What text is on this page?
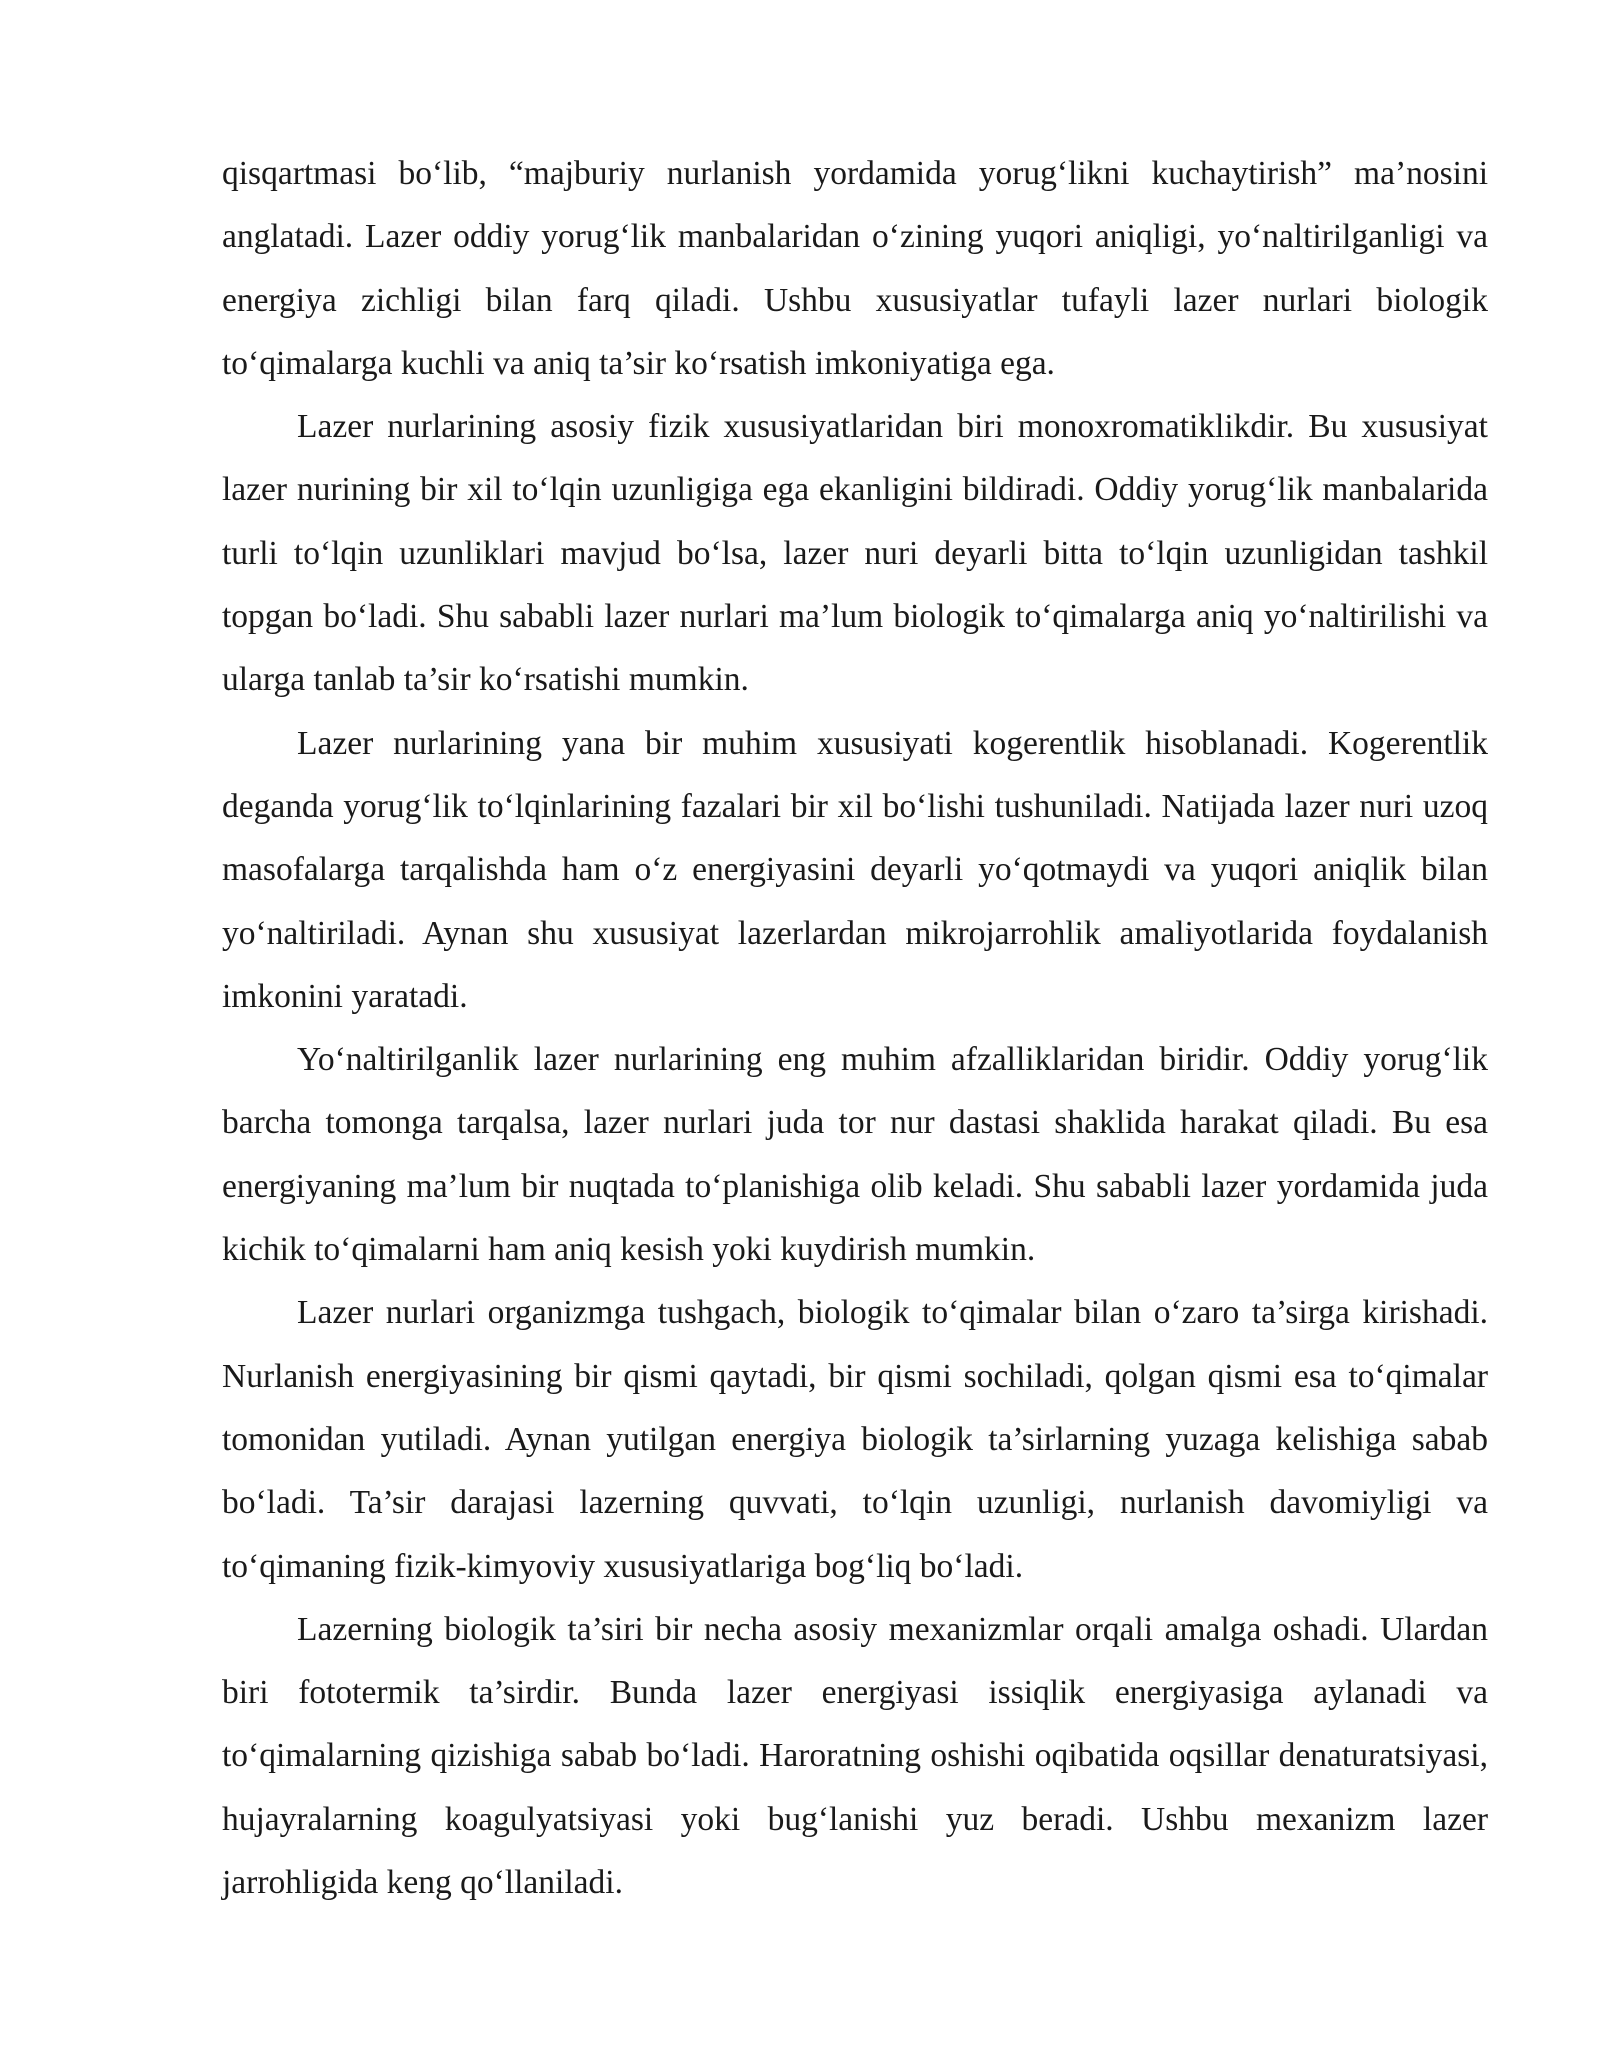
qisqartmasi bo‘lib, “majburiy nurlanish yordamida yorug‘likni kuchaytirish” ma’nosini anglatadi. Lazer oddiy yorug‘lik manbalaridan o‘zining yuqori aniqligi, yo‘naltirilganligi va energiya zichligi bilan farq qiladi. Ushbu xususiyatlar tufayli lazer nurlari biologik to‘qimalarga kuchli va aniq ta’sir ko‘rsatish imkoniyatiga ega.

Lazer nurlarining asosiy fizik xususiyatlaridan biri monoxromatiklikdir. Bu xususiyat lazer nurining bir xil to‘lqin uzunligiga ega ekanligini bildiradi. Oddiy yorug‘lik manbalarida turli to‘lqin uzunliklari mavjud bo‘lsa, lazer nuri deyarli bitta to‘lqin uzunligidan tashkil topgan bo‘ladi. Shu sababli lazer nurlari ma’lum biologik to‘qimalarga aniq yo‘naltirilishi va ularga tanlab ta’sir ko‘rsatishi mumkin.

Lazer nurlarining yana bir muhim xususiyati kogerentlik hisoblanadi. Kogerentlik deganda yorug‘lik to‘lqinlarining fazalari bir xil bo‘lishi tushuniladi. Natijada lazer nuri uzoq masofalarga tarqalishda ham o‘z energiyasini deyarli yo‘qotmaydi va yuqori aniqlik bilan yo‘naltiriladi. Aynan shu xususiyat lazerlardan mikrojarrohlik amaliyotlarida foydalanish imkonini yaratadi.

Yo‘naltirilganlik lazer nurlarining eng muhim afzalliklaridan biridir. Oddiy yorug‘lik barcha tomonga tarqalsa, lazer nurlari juda tor nur dastasi shaklida harakat qiladi. Bu esa energiyaning ma’lum bir nuqtada to‘planishiga olib keladi. Shu sababli lazer yordamida juda kichik to‘qimalarni ham aniq kesish yoki kuydirish mumkin.

Lazer nurlari organizmga tushgach, biologik to‘qimalar bilan o‘zaro ta’sirga kirishadi. Nurlanish energiyasining bir qismi qaytadi, bir qismi sochiladi, qolgan qismi esa to‘qimalar tomonidan yutiladi. Aynan yutilgan energiya biologik ta’sirlarning yuzaga kelishiga sabab bo‘ladi. Ta’sir darajasi lazerning quvvati, to‘lqin uzunligi, nurlanish davomiyligi va to‘qimaning fizik-kimyoviy xususiyatlariga bog‘liq bo‘ladi.

Lazerning biologik ta’siri bir necha asosiy mexanizmlar orqali amalga oshadi. Ulardan biri fototermik ta’sirdir. Bunda lazer energiyasi issiqlik energiyasiga aylanadi va to‘qimalarning qizishiga sabab bo‘ladi. Haroratning oshishi oqibatida oqsillar denaturatsiyasi, hujayralarning koagulyatsiyasi yoki bug‘lanishi yuz beradi. Ushbu mexanizm lazer jarrohligida keng qo‘llaniladi.
